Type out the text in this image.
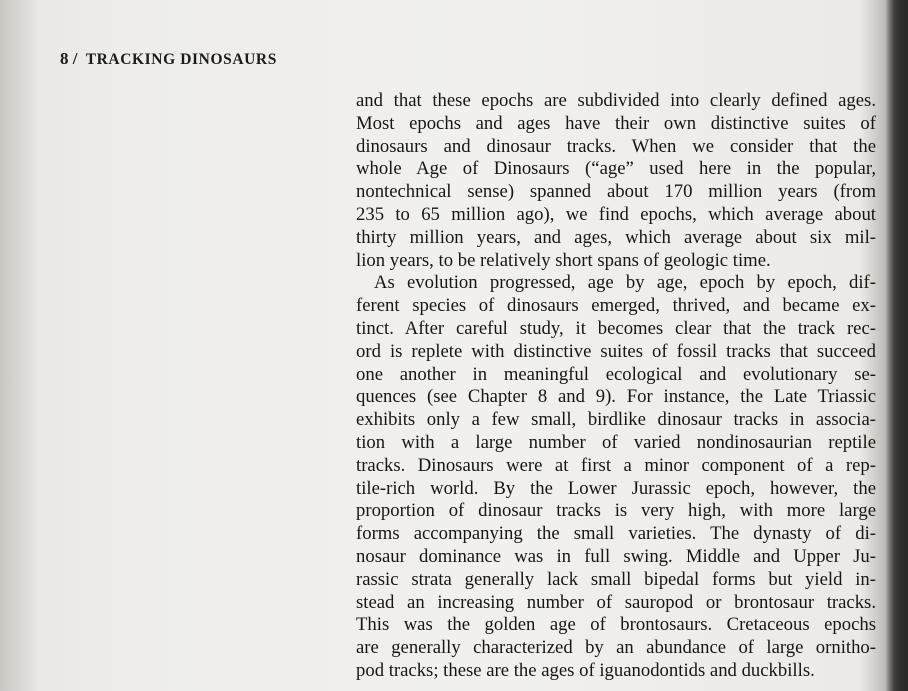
8 / TRACKING DINOSAURS
and that these epochs are subdivided into clearly defined ages.
Most epochs and ages have their own distinctive suites of
dinosaurs and dinosaur tracks. When we consider that the
whole Age of Dinosaurs (“age” used here in the popular,
nontechnical sense) spanned about 170 million years (from
235 to 65 million ago), we find epochs, which average about
thirty million years, and ages, which average about six mil-
lion years, to be relatively short spans of geologic time.
As evolution progressed, age by age, epoch by epoch, dif-
ferent species of dinosaurs emerged, thrived, and became ex-
tinct. After careful study, it becomes clear that the track rec-
ord is replete with distinctive suites of fossil tracks that succeed
one another in meaningful ecological and evolutionary se-
quences (see Chapter 8 and 9). For instance, the Late Triassic
exhibits only a few small, birdlike dinosaur tracks in associa-
tion with a large number of varied nondinosaurian reptile
tracks. Dinosaurs were at first a minor component of a rep-
tile-rich world. By the Lower Jurassic epoch, however, the
proportion of dinosaur tracks is very high, with more large
forms accompanying the small varieties. The dynasty of di-
nosaur dominance was in full swing. Middle and Upper Ju-
rassic strata generally lack small bipedal forms but yield in-
stead an increasing number of sauropod or brontosaur tracks.
This was the golden age of brontosaurs. Cretaceous epochs
are generally characterized by an abundance of large ornitho-
pod tracks; these are the ages of iguanodontids and duckbills.
